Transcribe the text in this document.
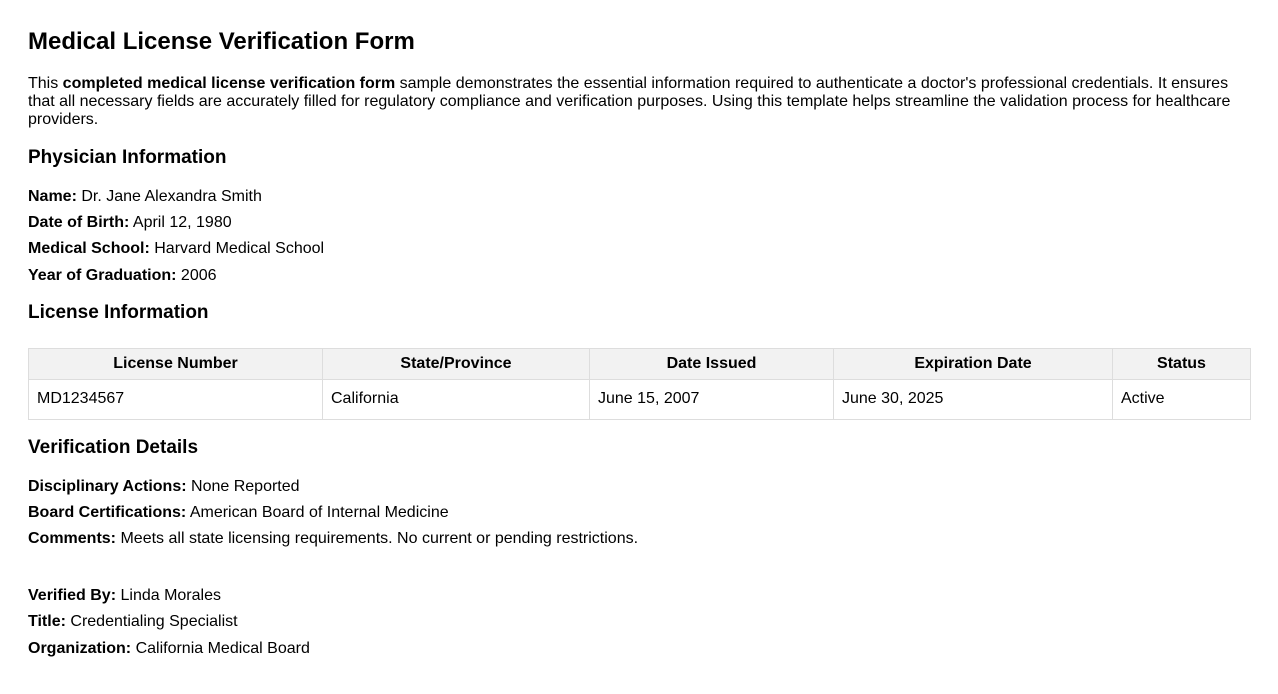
Medical License Verification Form

This completed medical license verification form sample demonstrates the essential information required to authenticate a doctor's professional credentials. It ensures that all necessary fields are accurately filled for regulatory compliance and verification purposes. Using this template helps streamline the validation process for healthcare providers.

Physician Information

Name: Dr. Jane Alexandra Smith

Date of Birth: April 12, 1980

Medical School: Harvard Medical School

Year of Graduation: 2006

License Information
License Number	State/Province	Date Issued	Expiration Date	Status
MD1234567	California	June 15, 2007	June 30, 2025	Active
Verification Details

Disciplinary Actions: None Reported

Board Certifications: American Board of Internal Medicine

Comments: Meets all state licensing requirements. No current or pending restrictions.

Verified By: Linda Morales

Title: Credentialing Specialist

Organization: California Medical Board
